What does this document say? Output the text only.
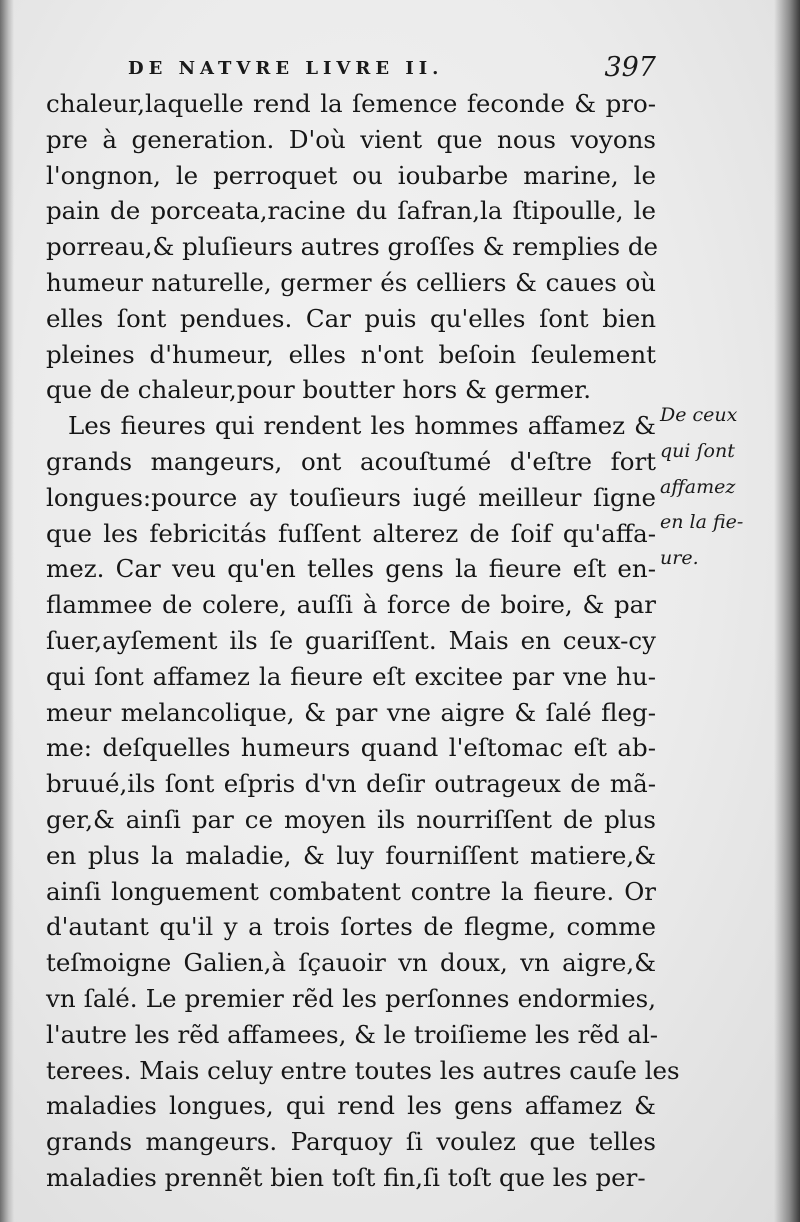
DE NATVRE LIVRE II.	397
chaleur,laquelle rend la ſemence feconde & pro-
pre à generation. D'où vient que nous voyons
l'ongnon, le perroquet ou ioubarbe marine, le
pain de porceata,racine du ſafran,la ſtipoulle, le
porreau,& pluſieurs autres groſſes & remplies de
humeur naturelle, germer és celliers & caues où
elles ſont pendues. Car puis qu'elles ſont bien
pleines d'humeur, elles n'ont beſoin ſeulement
que de chaleur,pour boutter hors & germer.
Les fieures qui rendent les hommes affamez &
grands mangeurs, ont acouſtumé d'eſtre fort
longues:pource ay touſieurs iugé meilleur ſigne
que les febricitás fuſſent alterez de ſoif qu'affa-
mez. Car veu qu'en telles gens la fieure eſt en-
flammee de colere, auſſi à force de boire, & par
ſuer,ayſement ils ſe guariſſent. Mais en ceux-cy
qui ſont affamez la fieure eſt excitee par vne hu-
meur melancolique, & par vne aigre & ſalé fleg-
me: deſquelles humeurs quand l'eſtomac eſt ab-
bruué,ils ſont eſpris d'vn deſir outrageux de mã-
ger,& ainſi par ce moyen ils nourriſſent de plus
en plus la maladie, & luy fourniſſent matiere,&
ainſi longuement combatent contre la fieure. Or
d'autant qu'il y a trois ſortes de flegme, comme
teſmoigne Galien,à ſçauoir vn doux, vn aigre,&
vn ſalé. Le premier rẽd les perſonnes endormies,
l'autre les rẽd affamees, & le troiſieme les rẽd al-
terees. Mais celuy entre toutes les autres cauſe les
maladies longues, qui rend les gens affamez &
grands mangeurs. Parquoy ſi voulez que telles
maladies prennẽt bien toſt fin,ſi toſt que les per-
De ceux
qui ſont
affamez
en la fie-
ure.
